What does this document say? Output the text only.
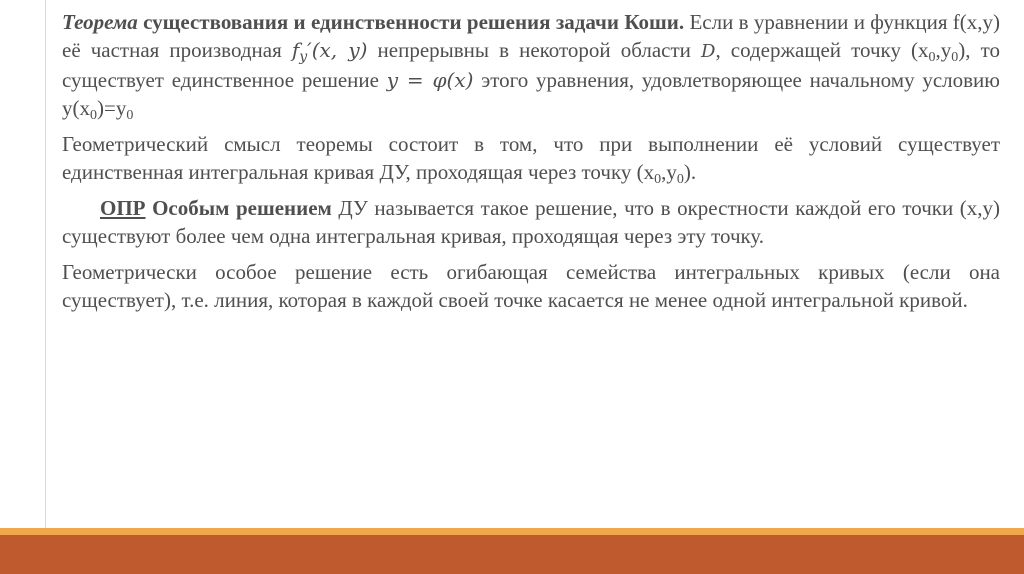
Теорема существования и единственности решения задачи Коши. Если в уравнении и функция f(x,y) её частная производная $f_y'(x$, y) непрерывны в некоторой области D, содержащей точку $(x_0,y_0)$, то существует единственное решение y = φ(x) этого уравнения, удовлетворяющее начальному условию $y(x_0)=y_0$

Геометрический смысл теоремы состоит в том, что при выполнении её условий существует единственная интегральная кривая ДУ, проходящая через точку $(x_0,y_0)$.

ОПР Особым решением ДУ называется такое решение, что в окрестности каждой его точки (x,y) существуют более чем одна интегральная кривая, проходящая через эту точку.

Геометрически особое решение есть огибающая семейства интегральных кривых (если она существует), т.е. линия, которая в каждой своей точке касается не менее одной интегральной кривой.
